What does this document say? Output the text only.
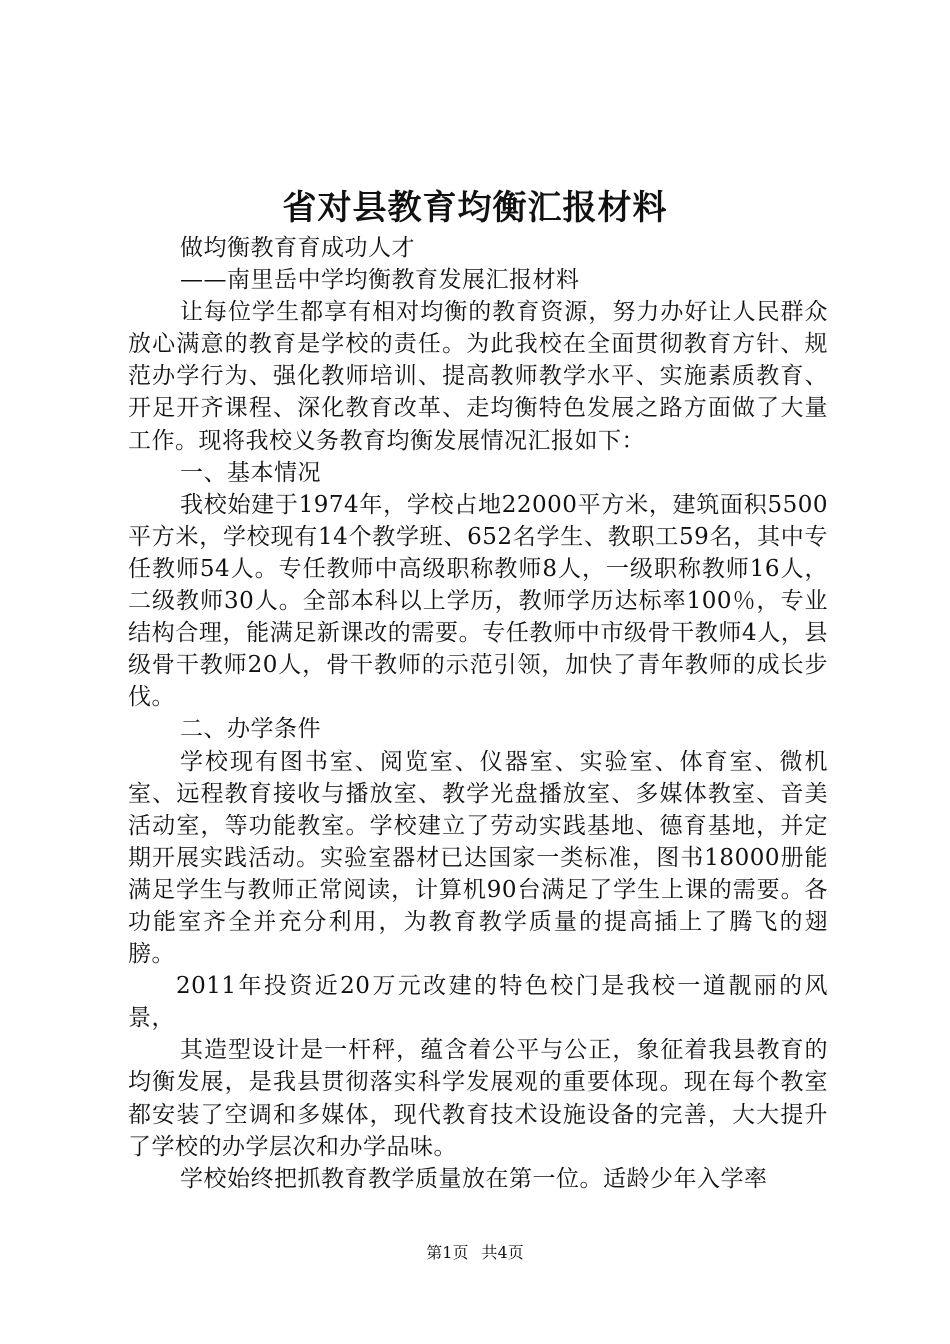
省对县教育均衡汇报材料

做均衡教育育成功人才

——南里岳中学均衡教育发展汇报材料

让每位学生都享有相对均衡的教育资源，努力办好让人民群众放心满意的教育是学校的责任。为此我校在全面贯彻教育方针、规范办学行为、强化教师培训、提高教师教学水平、实施素质教育、开足开齐课程、深化教育改革、走均衡特色发展之路方面做了大量工作。现将我校义务教育均衡发展情况汇报如下：

一、基本情况

我校始建于1974年，学校占地22000平方米，建筑面积5500平方米，学校现有14个教学班、652名学生、教职工59名，其中专任教师54人。专任教师中高级职称教师8人，一级职称教师16人，二级教师30人。全部本科以上学历，教师学历达标率100％，专业结构合理，能满足新课改的需要。专任教师中市级骨干教师4人，县级骨干教师20人，骨干教师的示范引领，加快了青年教师的成长步伐。

二、办学条件

学校现有图书室、阅览室、仪器室、实验室、体育室、微机室、远程教育接收与播放室、教学光盘播放室、多媒体教室、音美活动室，等功能教室。学校建立了劳动实践基地、德育基地，并定期开展实践活动。实验室器材已达国家一类标准，图书18000册能满足学生与教师正常阅读，计算机90台满足了学生上课的需要。各功能室齐全并充分利用，为教育教学质量的提高插上了腾飞的翅膀。

2011年投资近20万元改建的特色校门是我校一道靓丽的风景，

其造型设计是一杆秤，蕴含着公平与公正，象征着我县教育的均衡发展，是我县贯彻落实科学发展观的重要体现。现在每个教室都安装了空调和多媒体，现代教育技术设施设备的完善，大大提升了学校的办学层次和办学品味。

学校始终把抓教育教学质量放在第一位。适龄少年入学率

第1页 共4页
